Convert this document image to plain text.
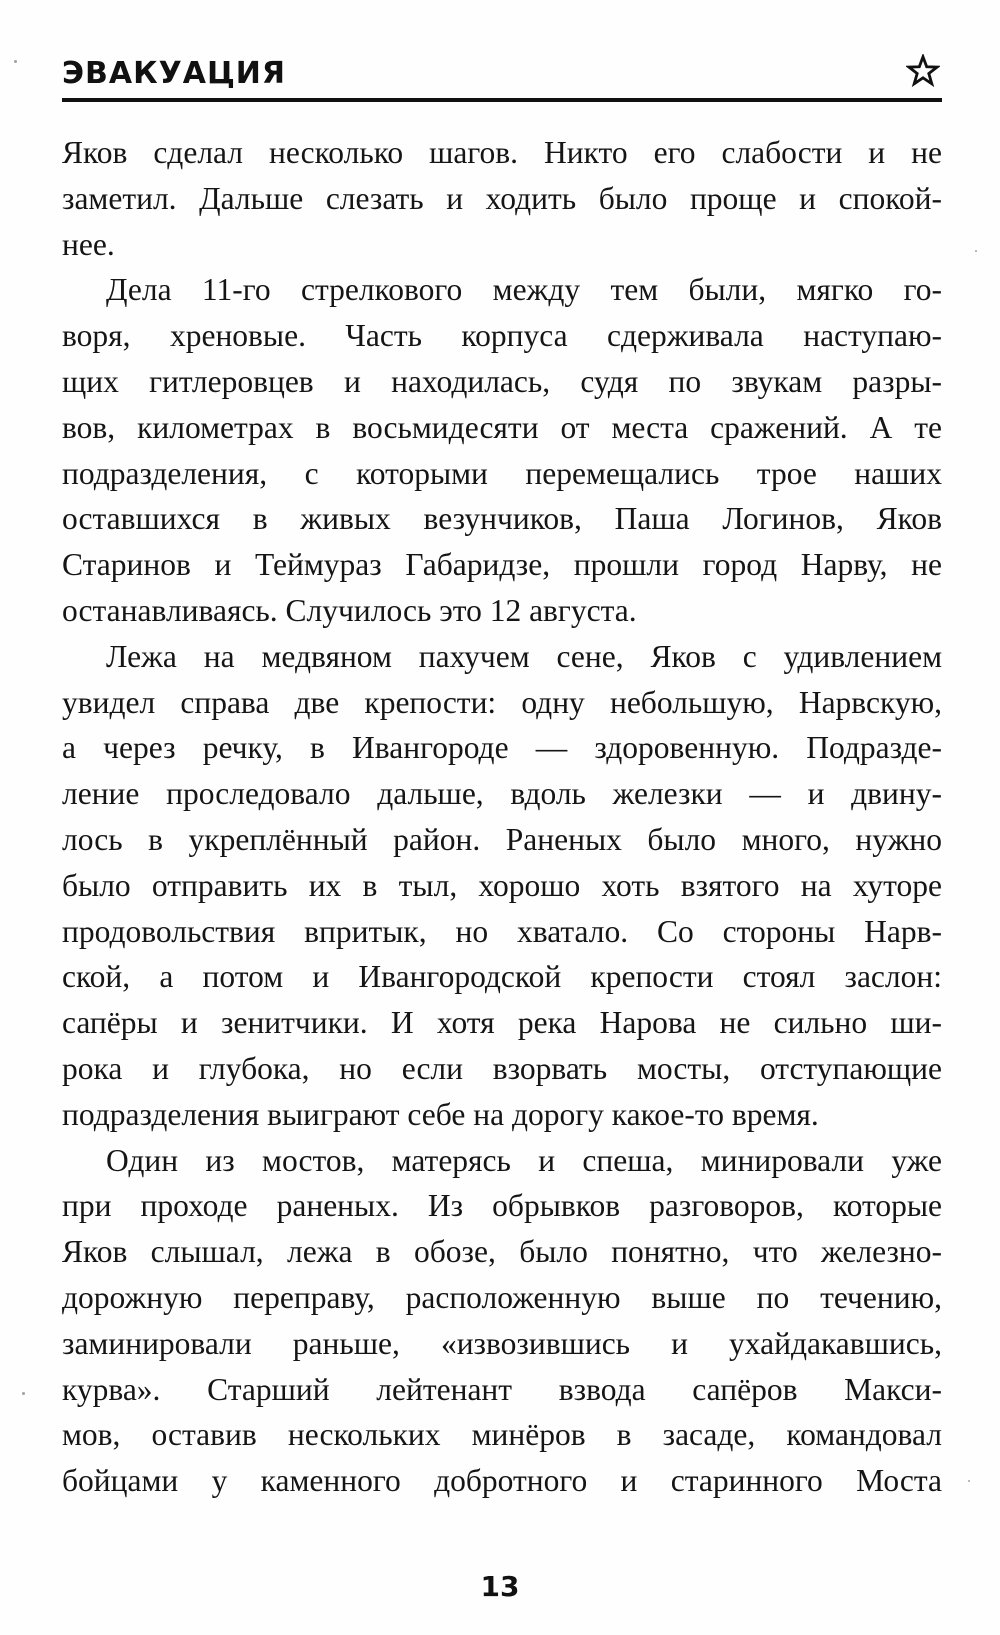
ЭВАКУАЦИЯ
Яков сделал несколько шагов. Никто его слабости и не
заметил. Дальше слезать и ходить было проще и спокой-
нее.
Дела 11-го стрелкового между тем были, мягко го-
воря, хреновые. Часть корпуса сдерживала наступаю-
щих гитлеровцев и находилась, судя по звукам разры-
вов, километрах в восьмидесяти от места сражений. А те
подразделения, с которыми перемещались трое наших
оставшихся в живых везунчиков, Паша Логинов, Яков
Старинов и Теймураз Габаридзе, прошли город Нарву, не
останавливаясь. Случилось это 12 августа.
Лежа на медвяном пахучем сене, Яков с удивлением
увидел справа две крепости: одну небольшую, Нарвскую,
а через речку, в Ивангороде — здоровенную. Подразде-
ление проследовало дальше, вдоль железки — и двину-
лось в укреплённый район. Раненых было много, нужно
было отправить их в тыл, хорошо хоть взятого на хуторе
продовольствия впритык, но хватало. Со стороны Нарв-
ской, а потом и Ивангородской крепости стоял заслон:
сапёры и зенитчики. И хотя река Нарова не сильно ши-
рока и глубока, но если взорвать мосты, отступающие
подразделения выиграют себе на дорогу какое-то время.
Один из мостов, матерясь и спеша, минировали уже
при проходе раненых. Из обрывков разговоров, которые
Яков слышал, лежа в обозе, было понятно, что железно-
дорожную переправу, расположенную выше по течению,
заминировали раньше, «извозившись и ухайдакавшись,
курва». Старший лейтенант взвода сапёров Макси-
мов, оставив нескольких минёров в засаде, командовал
бойцами у каменного добротного и старинного Моста
13
